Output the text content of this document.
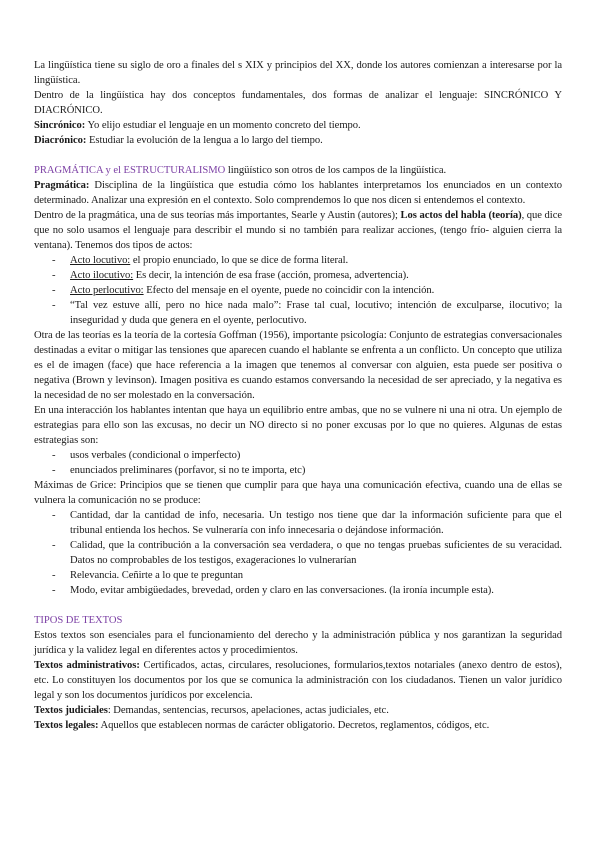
La lingüística tiene su siglo de oro a finales del s XIX y principios del XX, donde los autores comienzan a interesarse por la lingüística.

Dentro de la lingüística hay dos conceptos fundamentales, dos formas de analizar el lenguaje: SINCRÓNICO Y DIACRÓNICO.

Sincrónico: Yo elijo estudiar el lenguaje en un momento concreto del tiempo.

Diacrónico: Estudiar la evolución de la lengua a lo largo del tiempo.

PRAGMÁTICA y el ESTRUCTURALISMO lingüístico son otros de los campos de la lingüística.

Pragmática: Disciplina de la lingüística que estudia cómo los hablantes interpretamos los enunciados en un contexto determinado. Analizar una expresión en el contexto. Solo comprendemos lo que nos dicen si entendemos el contexto.

Dentro de la pragmática, una de sus teorías más importantes, Searle y Austin (autores); Los actos del habla (teoría), que dice que no solo usamos el lenguaje para describir el mundo si no también para realizar acciones, (tengo frío- alguien cierra la ventana). Tenemos dos tipos de actos:

- Acto locutivo: el propio enunciado, lo que se dice de forma literal.
- Acto ilocutivo: Es decir, la intención de esa frase (acción, promesa, advertencia).
- Acto perlocutivo: Efecto del mensaje en el oyente, puede no coincidir con la intención.
- “Tal vez estuve allí, pero no hice nada malo”: Frase tal cual, locutivo; intención de exculparse, ilocutivo; la inseguridad y duda que genera en el oyente, perlocutivo.

Otra de las teorías es la teoría de la cortesía Goffman (1956), importante psicología: Conjunto de estrategias conversacionales destinadas a evitar o mitigar las tensiones que aparecen cuando el hablante se enfrenta a un conflicto. Un concepto que utiliza es el de imagen (face) que hace referencia a la imagen que tenemos al conversar con alguien, esta puede ser positiva o negativa (Brown y levinson). Imagen positiva es cuando estamos conversando la necesidad de ser apreciado, y la negativa es la necesidad de no ser molestado en la conversación.

En una interacción los hablantes intentan que haya un equilibrio entre ambas, que no se vulnere ni una ni otra. Un ejemplo de estrategias para ello son las excusas, no decir un NO directo si no poner excusas por lo que no quieres. Algunas de estas estrategias son:

- usos verbales (condicional o imperfecto)
- enunciados preliminares (porfavor, si no te importa, etc)

Máximas de Grice: Principios que se tienen que cumplir para que haya una comunicación efectiva, cuando una de ellas se vulnera la comunicación no se produce:

- Cantidad, dar la cantidad de info, necesaria. Un testigo nos tiene que dar la información suficiente para que el tribunal entienda los hechos. Se vulneraría con info innecesaria o dejándose información.
- Calidad, que la contribución a la conversación sea verdadera, o que no tengas pruebas suficientes de su veracidad. Datos no comprobables de los testigos, exageraciones lo vulnerarían
- Relevancia. Ceñirte a lo que te preguntan
- Modo, evitar ambigüedades, brevedad, orden y claro en las conversaciones. (la ironía incumple esta).

TIPOS DE TEXTOS

Estos textos son esenciales para el funcionamiento del derecho y la administración pública y nos garantizan la seguridad jurídica y la validez legal en diferentes actos y procedimientos.

Textos administrativos: Certificados, actas, circulares, resoluciones, formularios,textos notariales (anexo dentro de estos), etc. Lo constituyen los documentos por los que se comunica la administración con los ciudadanos. Tienen un valor jurídico legal y son los documentos jurídicos por excelencia.

Textos judiciales: Demandas, sentencias, recursos, apelaciones, actas judiciales, etc.

Textos legales: Aquellos que establecen normas de carácter obligatorio. Decretos, reglamentos, códigos, etc.
